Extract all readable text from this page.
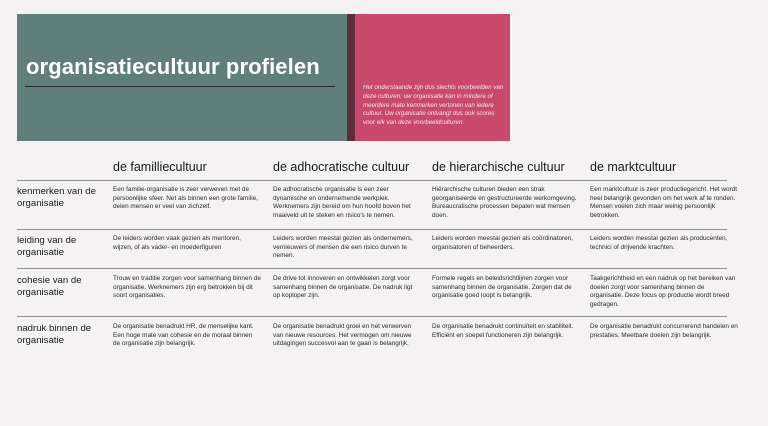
organisatiecultuur profielen

Het onderstaande zijn dus slechts voorbeelden van deze culturen; uw organisatie kan in mindere of meerdere mate kenmerken vertonen van iedere cultuur. Uw organisatie ontvangt dus ook scores voor elk van deze voorbeeldculturen.

de familliecultuur	de adhocratische cultuur de hierarchische cultuur de marktcultuur

kenmerken van de organisatie

Een familie-organisatie is zeer verweven met de persoonlijke sfeer. Net als binnen een grote familie, delen mensen er veel van zichzelf.

De adhocratische organisatie is een zeer dynamische en ondernemende werkplek. Werknemers zijn bereid om hun hoofd boven het maaiveld uit te steken en risico's te nemen.

Hiërarchische culturen bieden een strak georganiseerde en gestructureerde werkomgeving. Bureaucratische processen bepalen wat mensen doen.

Een marktcultuur is zeer productiegericht. Het wordt heel belangrijk gevonden om het werk af te ronden. Mensen voelen zich maar weinig persoonlijk betrokken.

leiding van de organisatie

De leiders worden vaak gezien als mentoren, wijzen, of als vader- en moederfiguren

Leiders worden meestal gezien als ondernemers, vernieuwers of mensen die een risico durven te nemen.

Leiders worden meestal gezien als coördinatoren, organisatoren of beheerders.

Leiders worden meestal gezien als producenten, technici of drijvende krachten.

cohesie van de organisatie

Trouw en traditie zorgen voor samenhang binnen de organisatie. Werknemers zijn erg betrokken bij dit soort organisaties.

De drive tot innoveren en ontwikkelen zorgt voor samenhang binnen de organisatie. De nadruk ligt op koploper zijn.

Formele regels en beleidsrichtlijnen zorgen voor samenhang binnen de organisatie. Zorgen dat de organisatie goed loopt is belangrijk.

Taakgerichtheid en een nadruk op het bereiken van doelen zorgt voor samenhang binnen de organisatie. Deze focus op productie wordt breed gedragen.

nadruk binnen de organisatie

De organisatie benadrukt HR, de menselijke kant. Een hoge mate van cohesie en de moraal binnen de organisatie zijn belangrijk.

De organisatie benadrukt groei en het verwerven van nieuwe resources. Het vermogen om nieuwe uitdagingen succesvol aan te gaan is belangrijk.

De organisatie benadrukt continuïteit en stabiliteit. Efficiënt en soepel functioneren zijn belangrijk.

De organisatie benadrukt concurrerend handelen en prestaties. Meetbare doelen zijn belangrijk.
